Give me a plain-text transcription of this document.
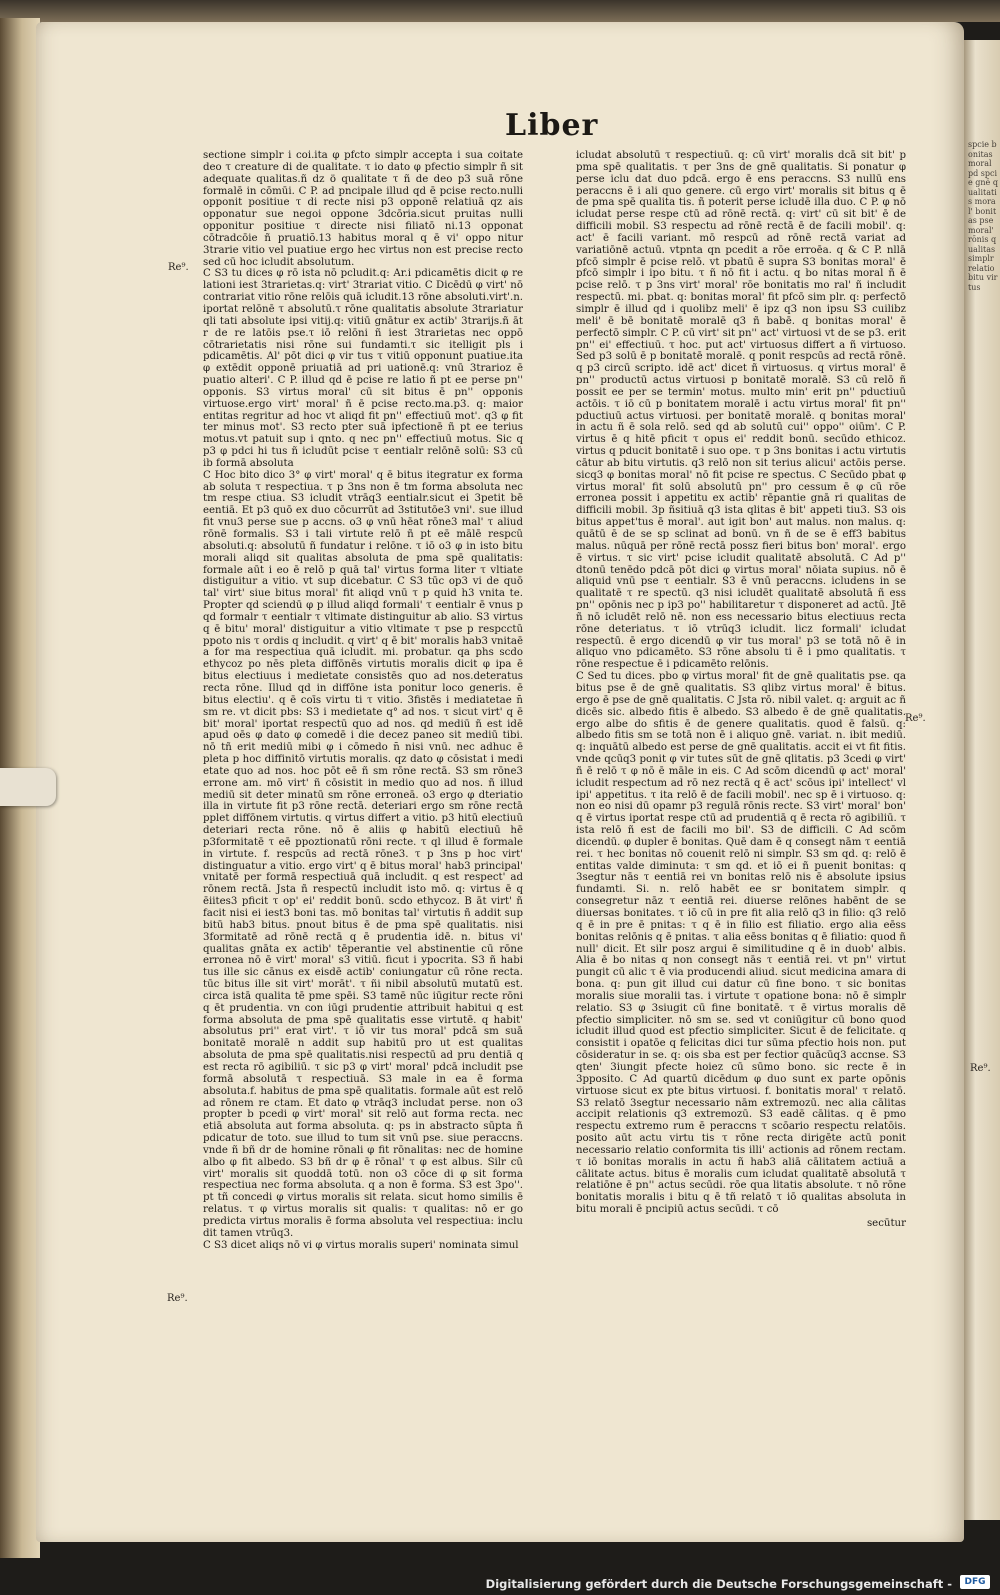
spcie bonitas moral pd spcie gnē qualitatis moral' bonitas pse moral' rōnis qualitas simplr relatio bitu virtus
Liber
Re⁹.
Re⁹.
Re⁹.
Re⁹.

sectione simplr i coi.ita φ pfcto simplr accepta i sua coitate deo τ creature di de qualitate. τ io dato φ pfectio simplr ñ sit adequate qualitas.ñ dz ö qualitate τ ñ de deo p3 suā rōne formalē in cōmūi. C P. ad pncipale illud qd ē pcise recto.nulli opponit positiue τ di recte nisi p3 opponē relatiuā qz ais opponatur sue negoi oppone 3dcōria.sicut pruitas nulli opponitur positiue τ directe nisi filiatō ni.13 opponat cōtradcōie ñ pruatiõ.13 habitus moral q ē vi' oppo nitur 3trarie vitio vel puatiue ergo hec virtus non est precise recto sed cū hoc icludit absolutum.

C S3 tu dices φ rō ista nō pcludit.q: Ar.i pdicamētis dicit φ re lationi iest 3trarietas.q: virt' 3trariat vitio. C Dicēdū φ virt' nō contrariat vitio rōne relōis quā icludit.13 rōne absoluti.virt'.n. iportat relōnē τ absolutū.τ rōne qualitatis absolute 3trariatur qli tati absolute ipsi vitij.q: vitiū gnātur ex actib' 3trarijs.ñ āt r de re latōis pse.τ iō relōni ñ iest 3trarietas nec oppō cōtrarietatis nisi rōne sui fundamti.τ sic itelligit pls i pdicamētis. Al' pōt dici φ vir tus τ vitiū opponunt puatiue.ita φ extēdit opponē priuatiā ad pri uationē.q: vnū 3trarioz ē puatio alteri'. C P. illud qd ē pcise re latio ñ pt ee perse pn'' opponis. S3 virtus moral' cū sit bitus ē pn'' opponis virtuose.ergo virt' moral' ñ ē pcise recto.ma.p3. q: maior entitas regritur ad hoc vt aliqd fit pn'' effectiuū mot'. q3 φ fit ter minus mot'. S3 recto pter suā ipfectionē ñ pt ee terius motus.vt patuit sup i qnto. q nec pn'' effectiuū motus. Sic q p3 φ pdci hi tus ñ icludūt pcise τ eentialr relōnē solū: S3 cū ib formā absoluta

C Hoc bito dico 3° φ virt' moral' q ē bitus itegratur ex forma ab soluta τ respectiua. τ p 3ns non ē tm forma absoluta nec tm respe ctiua. S3 icludit vtrāq3 eentialr.sicut ei 3petit bē eentiā. Et p3 quō ex duo cōcurrūt ad 3stitutōe3 vni'. sue illud fit vnu3 perse sue p accns. o3 φ vnū hēat rōne3 mal' τ aliud rōnē formalis. S3 i tali virtute relō ñ pt eē mālē respcū absoluti.q: absolutū ñ fundatur i relōne. τ iō o3 φ in isto bitu morali aliqd sit qualitas absoluta de pma spē qualitatis: formale aūt i eo ē relō p quā tal' virtus forma liter τ vltiate distiguitur a vitio. vt sup dicebatur. C S3 tūc op3 vi de quō tal' virt' siue bitus moral' fit aliqd vnū τ p quid h3 vnita te. Propter qd sciendū φ p illud aliqd formali' τ eentialr ē vnus p qd formalr τ eentialr τ vltimate distinguitur ab alio. S3 virtus q ē bitu' moral' distiguitur a vitio vltimate τ pse p respcctū ppoto nis τ ordis q includit. q virt' q ē bit' moralis hab3 vnitaē a for ma respectiua quā icludit. mi. probatur. qa phs scdo ethycoz po nēs pleta diffōnēs virtutis moralis dicit φ ipa ē bitus electiuus i medietate consistēs quo ad nos.deteratus recta rōne. Illud qd in diffōne ista ponitur loco generis. ē bitus electiu'. q ē coīs virtu ti τ vitio. 3fistēs i mediatetae n̄ sm re. vt dicit pbs: S3 i medietate q° ad nos. τ sicut virt' q ē bit' moral' iportat respectū quo ad nos. qd mediū ñ est idē apud oēs φ dato φ comedē i die decez paneo sit mediū tibi. nō tñ erit mediū mibi φ i cōmedo n̄ nisi vnū. nec adhuc ē pleta p hoc diffinitō virtutis moralis. qz dato φ cōsistat i medi etate quo ad nos. hoc pōt eē ñ sm rōne rectā. S3 sm rōne3 errone am. mō virt' ñ cōsistit in medio quo ad nos. ñ illud mediū sit deter minatū sm rōne erroneā. o3 ergo φ dteriatio illa in virtute fit p3 rōne rectā. deteriari ergo sm rōne rectā pplet diffōnem virtutis. q virtus differt a vitio. p3 hitū electiuū deteriari recta rōne. nō ē aliis φ habitū electiuū hē p3formitatē τ eē ppoztionatū rōni recte. τ ql illud ē formale in virtute. f. respcūs ad rectā rōne3. τ p 3ns p hoc virt' distinguatur a vitio. ergo virt' q ē bitus moral' hab3 principal' vnitatē per formā respectiuā quā includit. q est respect' ad rōnem rectā. Jsta ñ respectū includit isto mō. q: virtus ē q ēiites3 pficit τ op' ei' reddit bonū. scdo ethycoz. B āt virt' ñ facit nisi ei iest3 boni tas. mō bonitas tal' virtutis ñ addit sup bitū hab3 bitus. pnout bitus ē de pma spē qualitatis. nisi 3formitatē ad rōnē rectā q ē prudentia idē. n. bitus vi' qualitas gnāta ex actib' tēperantie vel abstinentie cū rōne erronea nō ē virt' moral' s3 vitiū. ficut i ypocrita. S3 ñ habi tus ille sic cānus ex eisdē actib' coniungatur cū rōne recta. tūc bitus ille sit virt' morāt'. τ ñi nibil absolutū mutatū est. circa istā qualita tē pme spēi. S3 tamē nūc iūgitur recte rōni q ēt prudentia. vn con iūgi prudentie attribuit habitui q est forma absoluta de pma spē qualitatis esse virtutē. q habit' absolutus pri'' erat virt'. τ iō vir tus moral' pdcā sm suā bonitatē moralē n addit sup habitū pro ut est qualitas absoluta de pma spē qualitatis.nisi respectū ad pru dentiā q est recta rō agibiliū. τ sic p3 φ virt' moral' pdcā includit pse formā absolutā τ respectiuā. S3 male in ea ē forma absoluta.f. habitus de pma spē qualitatis. formale aūt est relō ad rōnem re ctam. Et dato φ vtrāq3 includat perse. non o3 propter b pcedi φ virt' moral' sit relō aut forma recta. nec etiā absoluta aut forma absoluta. q: ps in abstracto sūpta ñ pdicatur de toto. sue illud to tum sit vnū pse. siue peraccns. vnde ñ bñ dr de homine rōnali φ fit rōnalitas: nec de homine albo φ fit albedo. S3 bñ dr φ ē rōnal' τ φ est albus. Silr cū virt' moralis sit quoddā totū. non o3 cōce di φ sit forma respectiua nec forma absoluta. q a non ē forma. S3 est 3po''. pt tñ concedi φ virtus moralis sit relata. sicut homo similis ē relatus. τ φ virtus moralis sit qualis: τ qualitas: nō er go predicta virtus moralis ē forma absoluta vel respectiua: inclu dit tamen vtrūq3.

C S3 dicet aliqs nō vi φ virtus moralis superi' nominata simul

icludat absolutū τ respectiuū. q: cū virt' moralis dcā sit bit' p pma spē qualitatis. τ per 3ns de gnē qualitatis. Si ponatur φ perse iclu dat duo pdcā. ergo ē ens peraccns. S3 nullū ens peraccns ē i ali quo genere. cū ergo virt' moralis sit bitus q ē de pma spē qualita tis. ñ poterit perse icludē illa duo. C P. φ nō icludat perse respe ctū ad rōnē rectā. q: virt' cū sit bit' ē de difficili mobil. S3 respectu ad rōnē rectā ē de facili mobil'. q: act' ē facili variant. mō respcū ad rōnē rectā variat ad variatiōnē actuū. vtpnta qn pcedit a rōe erroēa. q & C P. nllā pfcō simplr ē pcise relō. vt pbatū ē supra S3 bonitas moral' ē pfcō simplr i ipo bitu. τ ñ nō fit i actu. q bo nitas moral ñ ē pcise relō. τ p 3ns virt' moral' rōe bonitatis mo ral' ñ includit respectū. mi. pbat. q: bonitas moral' fit pfcō sim plr. q: perfectō simplr ē illud qd i quolibz meli' ē ipz q3 non ipsu S3 cuilibz meli' ē bē bonitatē moralē q3 ñ babē. q bonitas moral' ē perfectō simplr. C P. cū virt' sit pn'' act' virtuosi vt de se p3. erit pn'' ei' effectiuū. τ hoc. put act' virtuosus differt a ñ virtuoso. Sed p3 solū ē p bonitatē moralē. q ponit respcūs ad rectā rōnē. q p3 circū scripto. idē act' dicet ñ virtuosus. q virtus moral' ē pn'' productū actus virtuosi p bonitatē moralē. S3 cū relō ñ possit ee per se termin' motus. multo min' erit pn'' pductiuū actōis. τ iō cū p bonitatem moralē i actu virtus moral' fit pn'' pductiuū actus virtuosi. per bonitatē moralē. q bonitas moral' in actu ñ ē sola relō. sed qd ab solutū cui'' oppo'' oiūm'. C P. virtus ē q hitē pficit τ opus ei' reddit bonū. secūdo ethicoz. virtus q pducit bonitatē i suo ope. τ p 3ns bonitas i actu virtutis cātur ab bitu virtutis. q3 relō non sit terius alicui' actōis perse. sicq3 φ bonitas moral' nō fit pcise re spectus. C Secūdo pbat φ virtus moral' fit solū absolutū pn'' pro cessum ē φ cū rōe erronea possit i appetitu ex actib' rēpantie gnā ri qualitas de difficili mobil. 3p ñsitiuā q3 ista qlitas ē bit' appeti tiu3. S3 ois bitus appet'tus ē moral'. aut igit bon' aut malus. non malus. q: quātū ē de se sp sclinat ad bonū. vn ñ de se ē eff3 babitus malus. nūquā per rōnē rectā possz fieri bitus bon' moral'. ergo ē virtus. τ sic virt' pcise icludit qualitatē absolutā. C Ad p'' dtonū tenēdo pdcā pōt dici φ virtus moral' nōiata supius. nō ē aliquid vnū pse τ eentialr. S3 ē vnū peraccns. icludens in se qualitatē τ re spectū. q3 nisi icludēt qualitatē absolutā ñ ess pn'' opōnis nec p ip3 po'' habilitaretur τ disponeret ad actū. Jtē ñ nō icludēt relō nē. non ess necessario bitus electiuus recta rōne deteriatus. τ iō vtrūq3 icludit. licz formali' icludat respectū. ē ergo dicendū φ vir tus moral' p3 se totā nō ē in aliquo vno pdicamēto. S3 rōne absolu ti ē i pmo qualitatis. τ rōne respectue ē i pdicamēto relōnis.

C Sed tu dices. pbo φ virtus moral' fit de gnē qualitatis pse. qa bitus pse ē de gnē qualitatis. S3 qlibz virtus moral' ē bitus. ergo ē pse de gnē qualitatis. C Jsta rō. nibil valet. q: arguit ac ñ dicēs sic. albedo fitis ē albedo. S3 albedo ē de gnē qualitatis. ergo albe do sfitis ē de genere qualitatis. quod ē falsū. q: albedo fitis sm se totā non ē i aliquo gnē. variat. n. ibit mediū. q: inquātū albedo est perse de gnē qualitatis. accit ei vt fit fitis. vnde qcūq3 ponit φ vir tutes sūt de gnē qlitatis. p3 3cedi φ virt' ñ ē relō τ φ nō ē māle in eis. C Ad scōm dicendū φ act' moral' icludit respectum ad rō nez rectā q ē act' scōus ipi' intellect' vl ipi' appetitus. τ ita relō ē de facili mobil'. nec sp ē i virtuoso. q: non eo nisi dū opamr p3 regulā rōnis recte. S3 virt' moral' bon' q ē virtus iportat respe ctū ad prudentiā q ē recta rō agibiliū. τ ista relō ñ est de facili mo bil'. S3 de difficili. C Ad scōm dicendū. φ dupler ē bonitas. Quē dam ē q consegt nām τ eentiā rei. τ hec bonitas nō couenit relō ni simplr. S3 sm qd. q: relō ē entitas valde diminuta: τ sm qd. et iō ei ñ puenit bonitas: q 3segtur nās τ eentiā rei vn bonitas relō nis ē absolute ipsius fundamti. Si. n. relō habēt ee sr bonitatem simplr. q consegretur nāz τ eentiā rei. diuerse relōnes habēnt de se diuersas bonitates. τ iō cū in pre fit alia relō q3 in filio: q3 relō q ē in pre ē pnitas: τ q ē in filio est filiatio. ergo alia eēss bonitas relōnis q ē pnitas. τ alia eēss bonitas q ē filiatio: quod ñ null' dicit. Et silr posz argui ē similitudine q ē in duob' albis. Alia ē bo nitas q non consegt nās τ eentiā rei. vt pn'' virtut pungit cū alic τ ē via producendi aliud. sicut medicina amara di bona. q: pun git illud cui datur cū fine bono. τ sic bonitas moralis siue moralii tas. i virtute τ opatione bona: nō ē simplr relatio. S3 φ 3siugit cū fine bonitatē. τ ē virtus moralis dē pfectio simpliciter. nō sm se. sed vt coniūgitur cū bono quod icludit illud quod est pfectio simpliciter. Sicut ē de felicitate. q consistit i opatōe q felicitas dici tur sūma pfectio hois non. put cōsideratur in se. q: ois sba est per fectior quācūq3 accnse. S3 qten' 3iungit pfecte hoiez cū sūmo bono. sic recte ē in 3pposito. C Ad quartū dicēdum φ duo sunt ex parte opōnis virtuose sicut ex pte bitus virtuosi. f. bonitatis moral' τ relatō. S3 relatō 3segtur necessario nām extremozū. nec alia cālitas accipit relationis q3 extremozū. S3 eadē cālitas. q ē pmo respectu extremo rum ē peraccns τ scōario respectu relatōis. posito aūt actu virtu tis τ rōne recta dirigēte actū ponit necessario relatio conformita tis illi' actionis ad rōnem rectam. τ iō bonitas moralis in actu ñ hab3 aliā cālitatem actiuā a cālitate actus. bitus ē moralis cum icludat qualitatē absolutā τ relatiōne ē pn'' actus secūdi. rōe qua litatis absolute. τ nō rōne bonitatis moralis i bitu q ē tñ relatō τ iō qualitas absoluta in bitu morali ē pncipiū actus secūdi. τ cō

secūtur

Digitalisierung gefördert durch die Deutsche Forschungsgemeinschaft -	DFG
